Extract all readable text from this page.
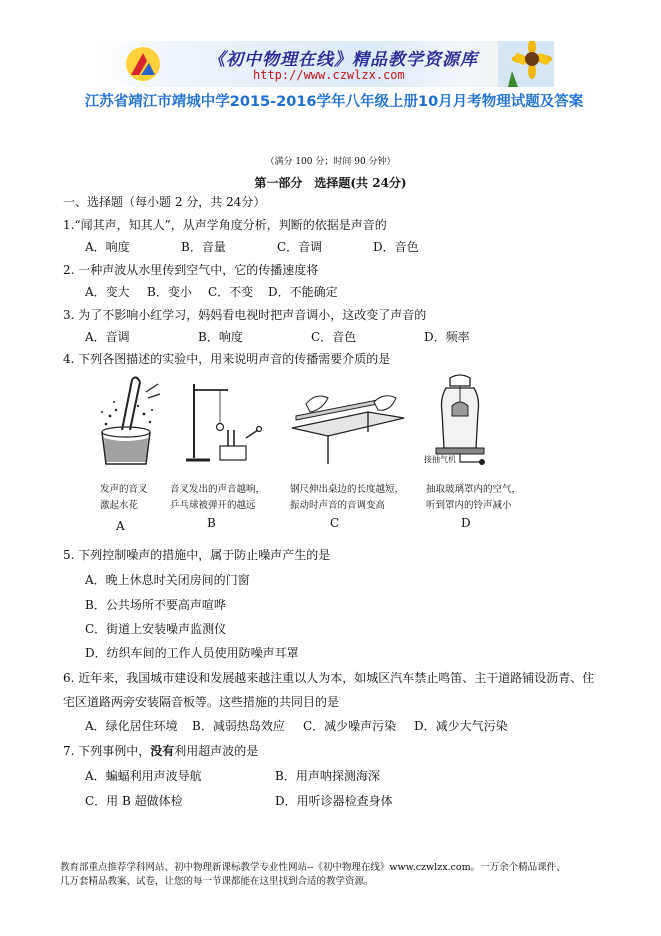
《初中物理在线》精品教学资源库
http://www.czwlzx.com
江苏省靖江市靖城中学2015-2016学年八年级上册10月月考物理试题及答案
（满分 100 分；时间 90 分钟）
第一部分　选择题(共 24分)
一、选择题（每小题 2 分，共 24分）
1.“闻其声，知其人”，从声学角度分析，判断的依据是声音的
A．响度	B．音量	C．音调	D．音色
2. 一种声波从水里传到空气中，它的传播速度将
A．变大 B．变小 C．不变 D．不能确定
3. 为了不影响小红学习，妈妈看电视时把声音调小，这改变了声音的
A．音调	B．响度	C．音色	D．频率
4. 下列各图描述的实验中，用来说明声音的传播需要介质的是
接抽气机
发声的音叉
激起水花
音叉发出的声音越响，
乒乓球被弹开的越远
钢尺伸出桌边的长度越短，
振动时声音的音调变高
抽取玻璃罩内的空气，
听到罩内的铃声减小
A	B	C	D
5. 下列控制噪声的措施中，属于防止噪声产生的是
A．晚上休息时关闭房间的门窗
B．公共场所不要高声喧哗
C．街道上安装噪声监测仪
D．纺织车间的工作人员使用防噪声耳罩
6. 近年来，我国城市建设和发展越来越注重以人为本，如城区汽车禁止鸣笛、主干道路铺设沥青、住
宅区道路两旁安装隔音板等。这些措施的共同目的是
A．绿化居住环境 B．减弱热岛效应 C．减少噪声污染 D．减少大气污染
7. 下列事例中，没有利用超声波的是
A．蝙蝠利用声波导航	B．用声呐探测海深
C．用 B 超做体检	D．用听诊器检查身体
教育部重点推荐学科网站、初中物理新课标教学专业性网站--《初中物理在线》www.czwlzx.com。一万余个精品课件、
几万套精品教案、试卷，让您的每一节课都能在这里找到合适的教学资源。
